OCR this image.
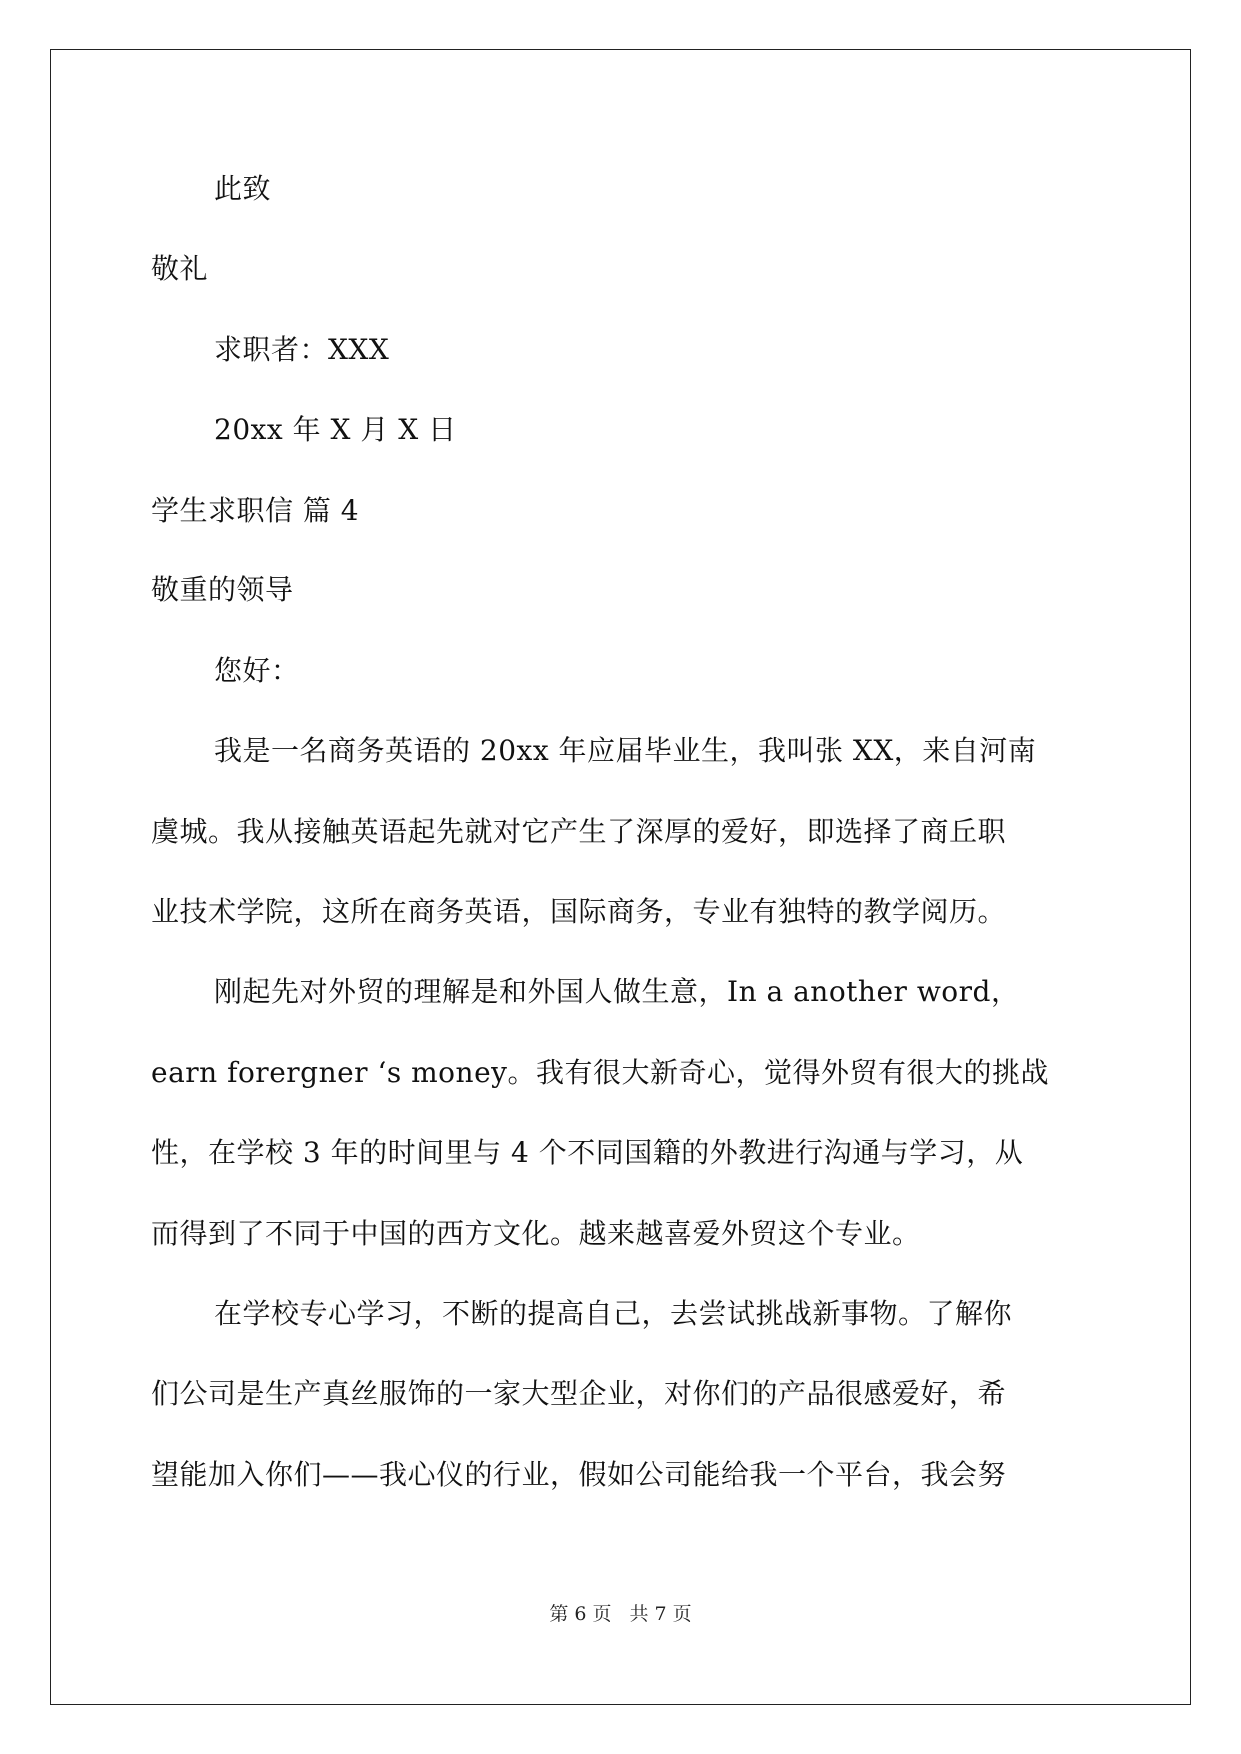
此致
敬礼
求职者：XXX
20xx 年 X 月 X 日
学生求职信 篇 4
敬重的领导
您好：
我是一名商务英语的 20xx 年应届毕业生，我叫张 XX，来自河南
虞城。我从接触英语起先就对它产生了深厚的爱好，即选择了商丘职
业技术学院，这所在商务英语，国际商务，专业有独特的教学阅历。
刚起先对外贸的理解是和外国人做生意，In a another word，
earn forergner ‘s money。我有很大新奇心，觉得外贸有很大的挑战
性，在学校 3 年的时间里与 4 个不同国籍的外教进行沟通与学习，从
而得到了不同于中国的西方文化。越来越喜爱外贸这个专业。
在学校专心学习，不断的提高自己，去尝试挑战新事物。了解你
们公司是生产真丝服饰的一家大型企业，对你们的产品很感爱好，希
望能加入你们——我心仪的行业，假如公司能给我一个平台，我会努
第 6 页 共 7 页
